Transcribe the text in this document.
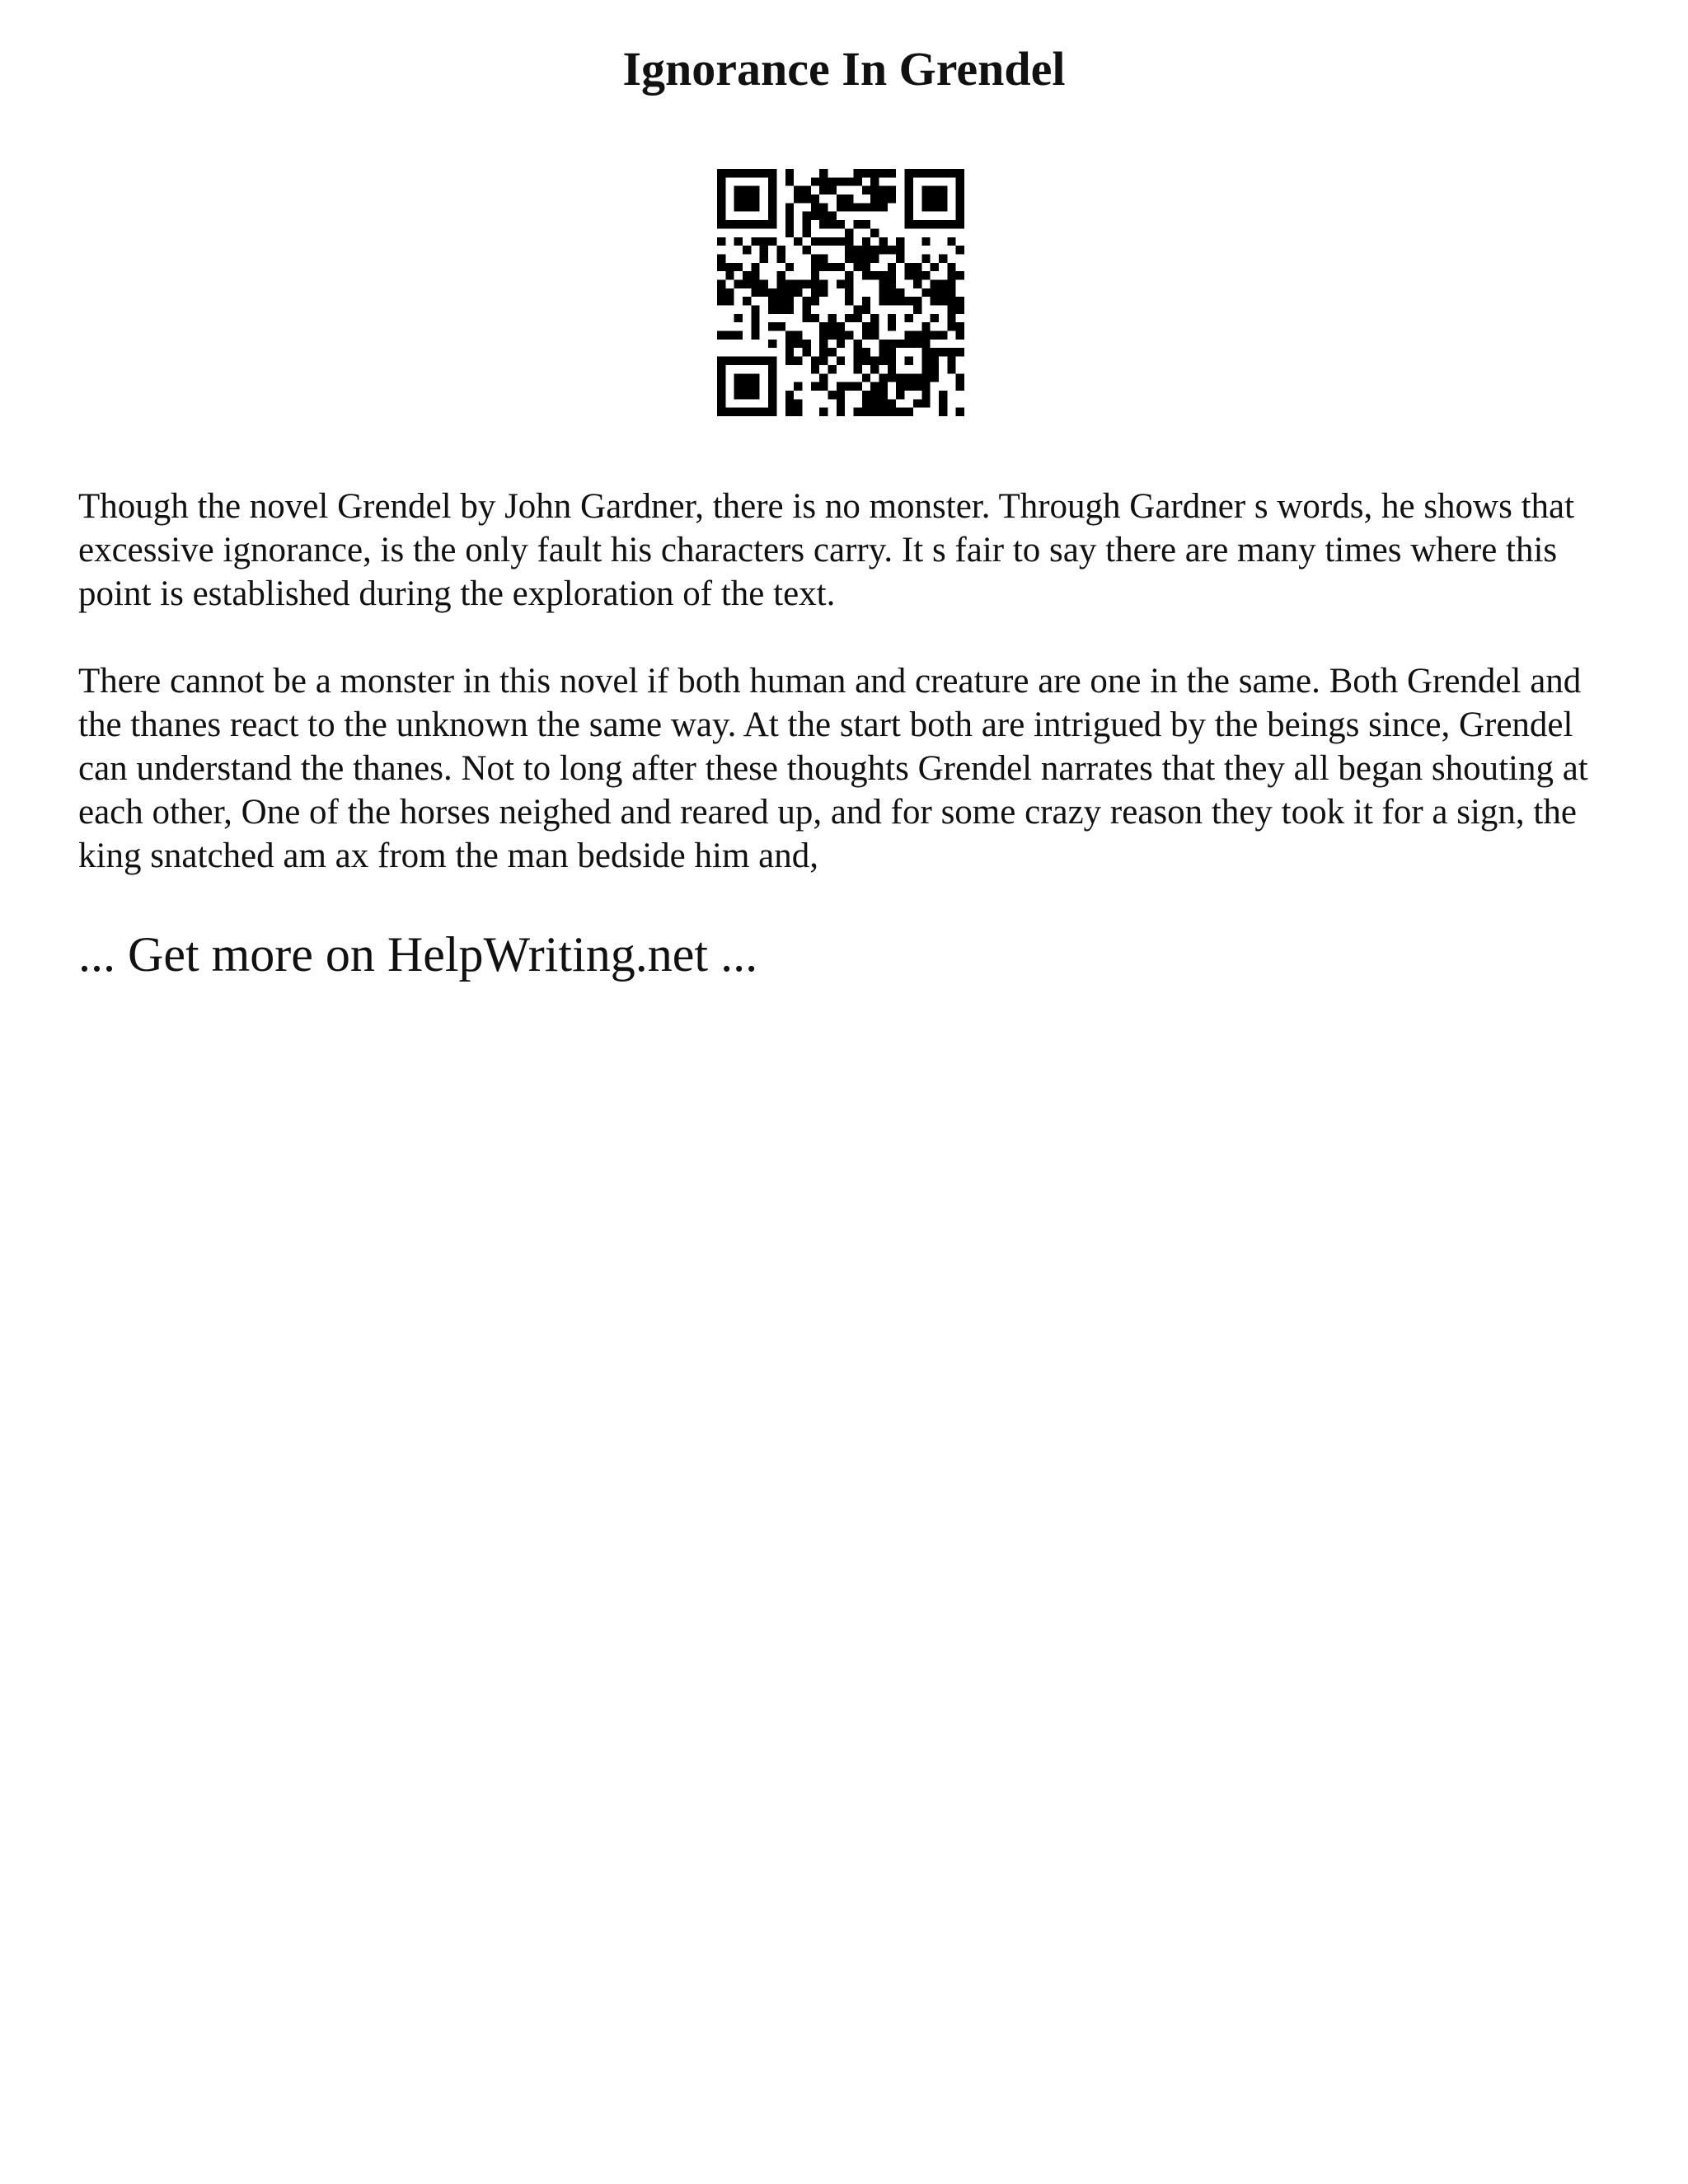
Ignorance In Grendel

Though the novel Grendel by John Gardner, there is no monster. Through Gardner s words, he shows that excessive ignorance, is the only fault his characters carry. It s fair to say there are many times where this point is established during the exploration of the text.

There cannot be a monster in this novel if both human and creature are one in the same. Both Grendel and the thanes react to the unknown the same way. At the start both are intrigued by the beings since, Grendel can understand the thanes. Not to long after these thoughts Grendel narrates that they all began shouting at each other, One of the horses neighed and reared up, and for some crazy reason they took it for a sign, the king snatched am ax from the man bedside him and,

... Get more on HelpWriting.net ...
